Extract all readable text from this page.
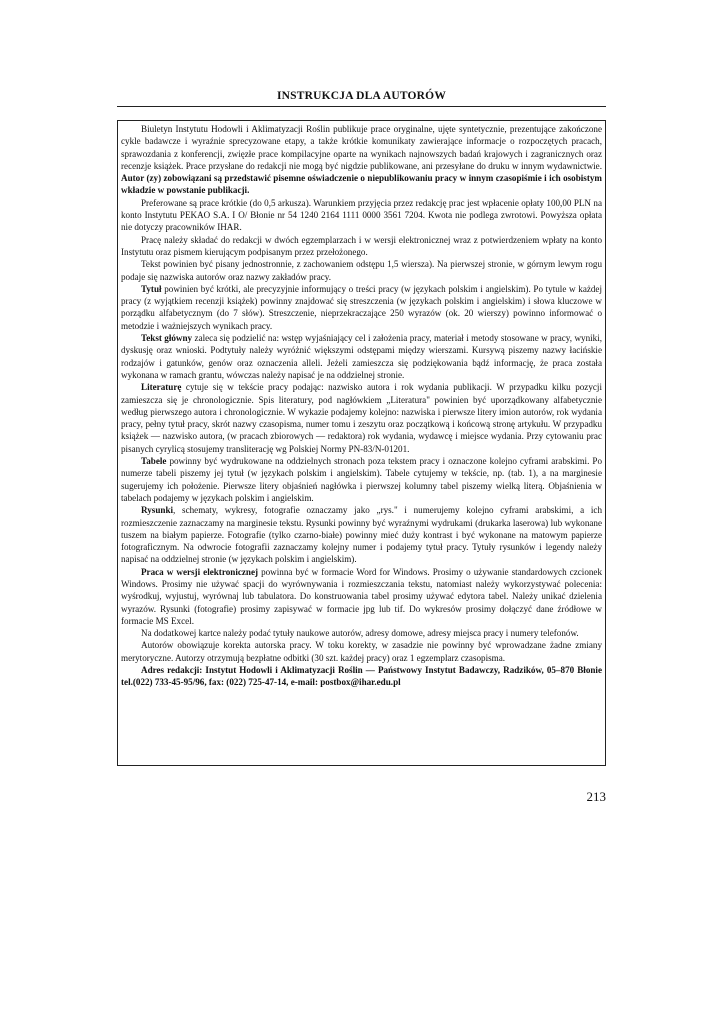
INSTRUKCJA DLA AUTORÓW

Biuletyn Instytutu Hodowli i Aklimatyzacji Roślin publikuje prace oryginalne, ujęte syntetycznie, prezentujące zakończone cykle badawcze i wyraźnie sprecyzowane etapy, a także krótkie komunikaty zawierające informacje o rozpoczętych pracach, sprawozdania z konferencji, zwięzłe prace kompilacyjne oparte na wynikach najnowszych badań krajowych i zagranicznych oraz recenzje książek. Prace przysłane do redakcji nie mogą być nigdzie publikowane, ani przesyłane do druku w innym wydawnictwie. Autor (zy) zobowiązani są przedstawić pisemne oświadczenie o niepublikowaniu pracy w innym czasopiśmie i ich osobistym wkładzie w powstanie publikacji.

Preferowane są prace krótkie (do 0,5 arkusza). Warunkiem przyjęcia przez redakcję prac jest wpłacenie opłaty 100,00 PLN na konto Instytutu PEKAO S.A. I O/ Błonie nr 54 1240 2164 1111 0000 3561 7204. Kwota nie podlega zwrotowi. Powyższa opłata nie dotyczy pracowników IHAR.

Pracę należy składać do redakcji w dwóch egzemplarzach i w wersji elektronicznej wraz z potwierdzeniem wpłaty na konto Instytutu oraz pismem kierującym podpisanym przez przełożonego.

Tekst powinien być pisany jednostronnie, z zachowaniem odstępu 1,5 wiersza). Na pierwszej stronie, w górnym lewym rogu podaje się nazwiska autorów oraz nazwy zakładów pracy.

Tytuł powinien być krótki, ale precyzyjnie informujący o treści pracy (w językach polskim i angielskim). Po tytule w każdej pracy (z wyjątkiem recenzji książek) powinny znajdować się streszczenia (w językach polskim i angielskim) i słowa kluczowe w porządku alfabetycznym (do 7 słów). Streszczenie, nieprzekraczające 250 wyrazów (ok. 20 wierszy) powinno informować o metodzie i ważniejszych wynikach pracy.

Tekst główny zaleca się podzielić na: wstęp wyjaśniający cel i założenia pracy, materiał i metody stosowane w pracy, wyniki, dyskusję oraz wnioski. Podtytuły należy wyróżnić większymi odstępami między wierszami. Kursywą piszemy nazwy łacińskie rodzajów i gatunków, genów oraz oznaczenia alleli. Jeżeli zamieszcza się podziękowania bądź informację, że praca została wykonana w ramach grantu, wówczas należy napisać je na oddzielnej stronie.

Literaturę cytuje się w tekście pracy podając: nazwisko autora i rok wydania publikacji. W przypadku kilku pozycji zamieszcza się je chronologicznie. Spis literatury, pod nagłówkiem „Literatura" powinien być uporządkowany alfabetycznie według pierwszego autora i chronologicznie. W wykazie podajemy kolejno: nazwiska i pierwsze litery imion autorów, rok wydania pracy, pełny tytuł pracy, skrót nazwy czasopisma, numer tomu i zeszytu oraz początkową i końcową stronę artykułu. W przypadku książek — nazwisko autora, (w pracach zbiorowych — redaktora) rok wydania, wydawcę i miejsce wydania. Przy cytowaniu prac pisanych cyrylicą stosujemy transliterację wg Polskiej Normy PN-83/N-01201.

Tabele powinny być wydrukowane na oddzielnych stronach poza tekstem pracy i oznaczone kolejno cyframi arabskimi. Po numerze tabeli piszemy jej tytuł (w językach polskim i angielskim). Tabele cytujemy w tekście, np. (tab. 1), a na marginesie sugerujemy ich położenie. Pierwsze litery objaśnień nagłówka i pierwszej kolumny tabel piszemy wielką literą. Objaśnienia w tabelach podajemy w językach polskim i angielskim.

Rysunki, schematy, wykresy, fotografie oznaczamy jako „rys." i numerujemy kolejno cyframi arabskimi, a ich rozmieszczenie zaznaczamy na marginesie tekstu. Rysunki powinny być wyraźnymi wydrukami (drukarka laserowa) lub wykonane tuszem na białym papierze. Fotografie (tylko czarno-białe) powinny mieć duży kontrast i być wykonane na matowym papierze fotograficznym. Na odwrocie fotografii zaznaczamy kolejny numer i podajemy tytuł pracy. Tytuły rysunków i legendy należy napisać na oddzielnej stronie (w językach polskim i angielskim).

Praca w wersji elektronicznej powinna być w formacie Word for Windows. Prosimy o używanie standardowych czcionek Windows. Prosimy nie używać spacji do wyrównywania i rozmieszczania tekstu, natomiast należy wykorzystywać polecenia: wyśrodkuj, wyjustuj, wyrównaj lub tabulatora. Do konstruowania tabel prosimy używać edytora tabel. Należy unikać dzielenia wyrazów. Rysunki (fotografie) prosimy zapisywać w formacie jpg lub tif. Do wykresów prosimy dołączyć dane źródłowe w formacie MS Excel.

Na dodatkowej kartce należy podać tytuły naukowe autorów, adresy domowe, adresy miejsca pracy i numery telefonów.

Autorów obowiązuje korekta autorska pracy. W toku korekty, w zasadzie nie powinny być wprowadzane żadne zmiany merytoryczne. Autorzy otrzymują bezpłatne odbitki (30 szt. każdej pracy) oraz 1 egzemplarz czasopisma.

Adres redakcji: Instytut Hodowli i Aklimatyzacji Roślin — Państwowy Instytut Badawczy, Radzików, 05–870 Błonie tel.(022) 733-45-95/96, fax: (022) 725-47-14, e-mail: postbox@ihar.edu.pl

213
